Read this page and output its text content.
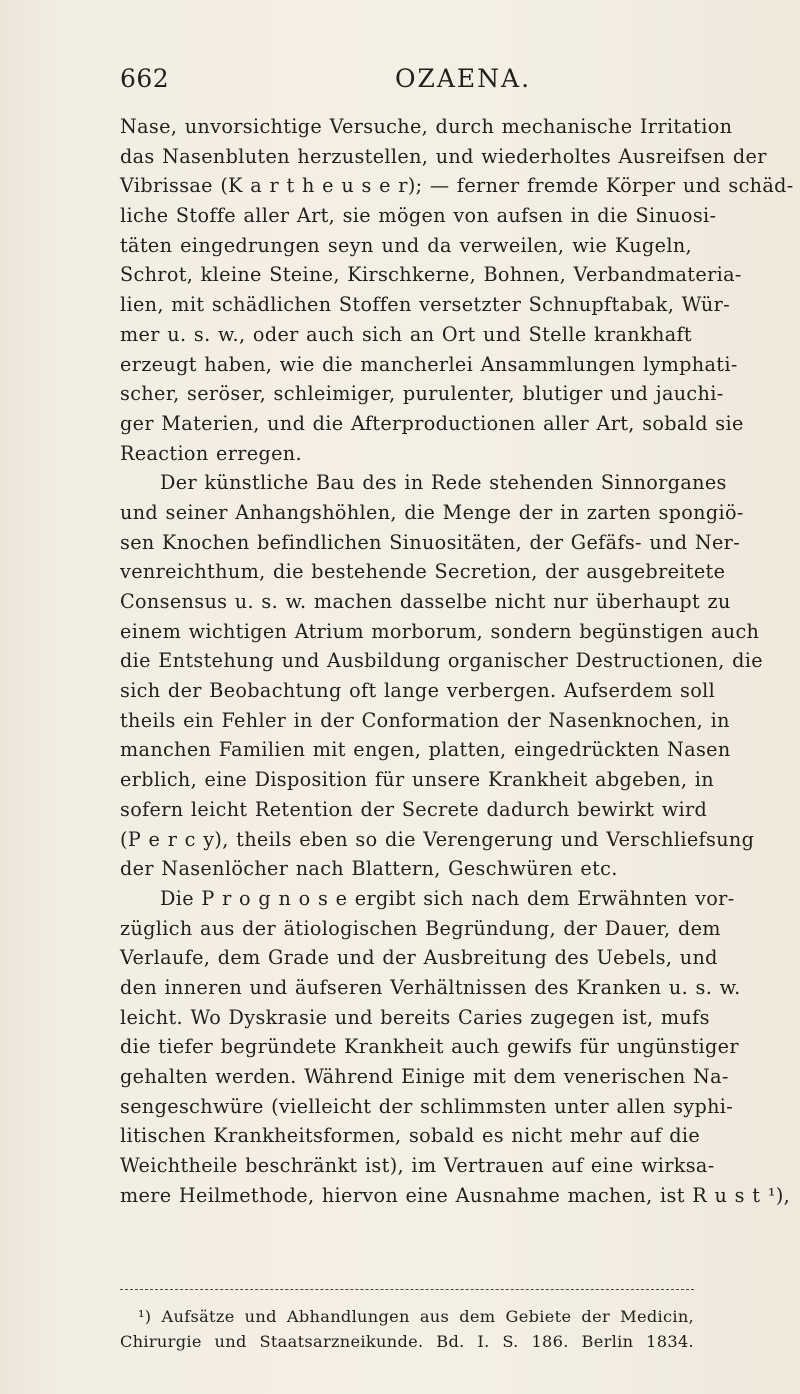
662	OZAENA.
Nase, unvorsichtige Versuche, durch mechanische Irritation
das Nasenbluten herzustellen, und wiederholtes Ausreifsen der
Vibrissae (K a r t h e u s e r); — ferner fremde Körper und schäd-
liche Stoffe aller Art, sie mögen von aufsen in die Sinuosi-
täten eingedrungen seyn und da verweilen, wie Kugeln,
Schrot, kleine Steine, Kirschkerne, Bohnen, Verbandmateria-
lien, mit schädlichen Stoffen versetzter Schnupftabak, Wür-
mer u. s. w., oder auch sich an Ort und Stelle krankhaft
erzeugt haben, wie die mancherlei Ansammlungen lymphati-
scher, seröser, schleimiger, purulenter, blutiger und jauchi-
ger Materien, und die Afterproductionen aller Art, sobald sie
Reaction erregen.
Der künstliche Bau des in Rede stehenden Sinnorganes
und seiner Anhangshöhlen, die Menge der in zarten spongiö-
sen Knochen befindlichen Sinuositäten, der Gefäfs- und Ner-
venreichthum, die bestehende Secretion, der ausgebreitete
Consensus u. s. w. machen dasselbe nicht nur überhaupt zu
einem wichtigen Atrium morborum, sondern begünstigen auch
die Entstehung und Ausbildung organischer Destructionen, die
sich der Beobachtung oft lange verbergen. Aufserdem soll
theils ein Fehler in der Conformation der Nasenknochen, in
manchen Familien mit engen, platten, eingedrückten Nasen
erblich, eine Disposition für unsere Krankheit abgeben, in
sofern leicht Retention der Secrete dadurch bewirkt wird
(P e r c y), theils eben so die Verengerung und Verschliefsung
der Nasenlöcher nach Blattern, Geschwüren etc.
Die P r o g n o s e ergibt sich nach dem Erwähnten vor-
züglich aus der ätiologischen Begründung, der Dauer, dem
Verlaufe, dem Grade und der Ausbreitung des Uebels, und
den inneren und äufseren Verhältnissen des Kranken u. s. w.
leicht. Wo Dyskrasie und bereits Caries zugegen ist, mufs
die tiefer begründete Krankheit auch gewifs für ungünstiger
gehalten werden. Während Einige mit dem venerischen Na-
sengeschwüre (vielleicht der schlimmsten unter allen syphi-
litischen Krankheitsformen, sobald es nicht mehr auf die
Weichtheile beschränkt ist), im Vertrauen auf eine wirksa-
mere Heilmethode, hiervon eine Ausnahme machen, ist R u s t ¹),
¹) Aufsätze und Abhandlungen aus dem Gebiete der Medicin,
Chirurgie und Staatsarzneikunde. Bd. I. S. 186. Berlin 1834.
